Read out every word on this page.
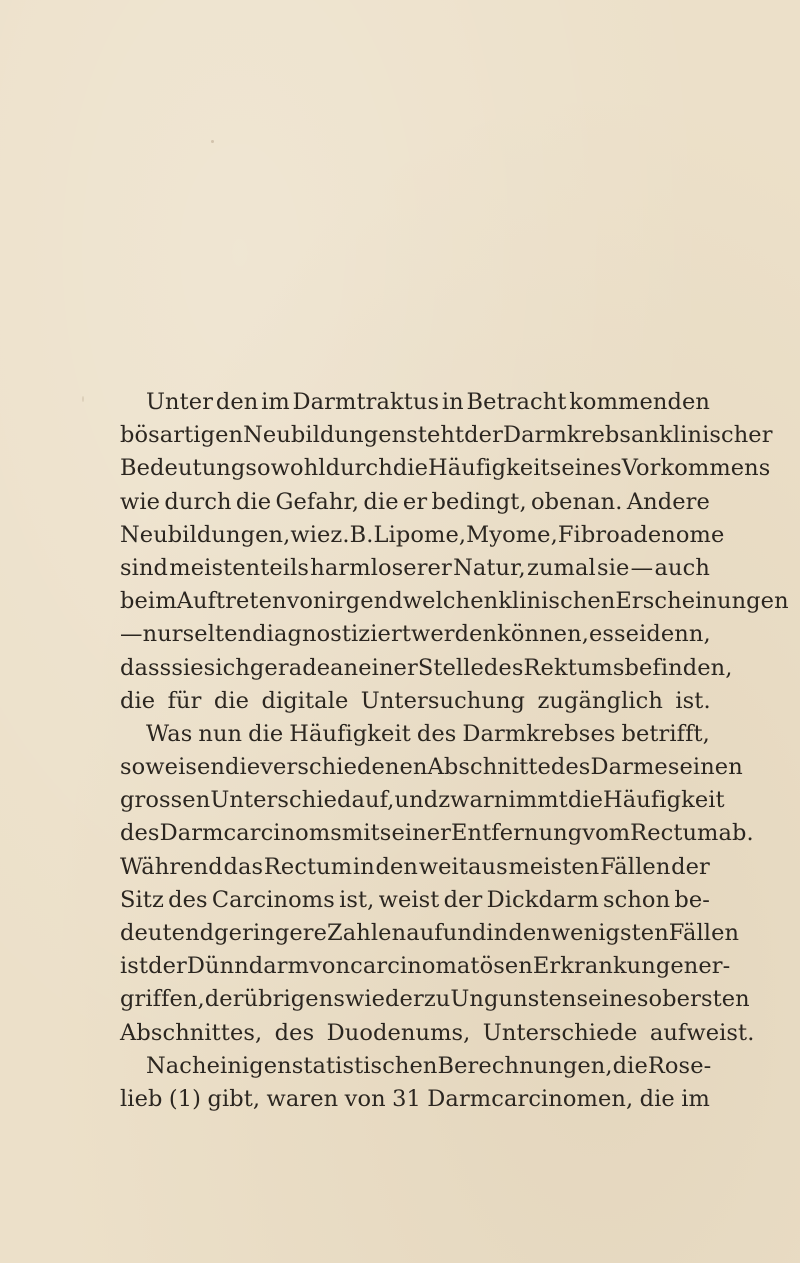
Unter den im Darmtraktus in Betracht kommenden
bösartigen Neubildungen steht der Darmkrebs an klinischer
Bedeutung sowohl durch die Häufigkeit seines Vorkommens
wie durch die Gefahr, die er bedingt, obenan. Andere
Neubildungen, wie z. B. Lipome, Myome, Fibroadenome
sind meistenteils harmloserer Natur, zumal sie — auch
beim Auftreten von irgend welchen klinischen Erscheinungen
— nur selten diagnostiziert werden können, es sei denn,
dass sie sich gerade an einer Stelle des Rektums befinden,
die für die digitale Untersuchung zugänglich ist.
Was nun die Häufigkeit des Darmkrebses betrifft,
so weisen die verschiedenen Abschnitte des Darmes einen
grossen Unterschied auf, und zwar nimmt die Häufigkeit
des Darmcarcinoms mit seiner Entfernung vom Rectum ab.
Während das Rectum in den weitaus meisten Fällen der
Sitz des Carcinoms ist, weist der Dickdarm schon be-
deutend geringere Zahlen auf und in den wenigsten Fällen
ist der Dünndarm von carcinomatösen Erkrankungen er-
griffen, der übrigens wieder zu Ungunsten seines obersten
Abschnittes, des Duodenums, Unterschiede aufweist.
Nach einigen statistischen Berechnungen, die Rose-
lieb (1) gibt, waren von 31 Darmcarcinomen, die im
